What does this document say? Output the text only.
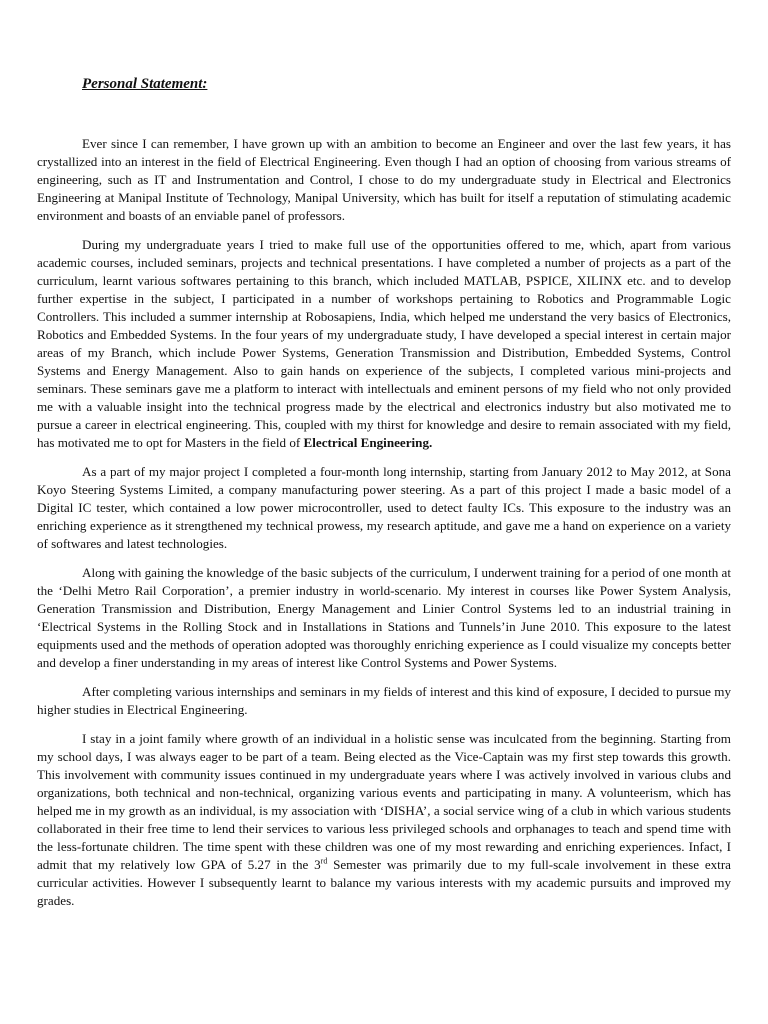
Personal Statement:

Ever since I can remember, I have grown up with an ambition to become an Engineer and over the last few years, it has crystallized into an interest in the field of Electrical Engineering. Even though I had an option of choosing from various streams of engineering, such as IT and Instrumentation and Control, I chose to do my undergraduate study in Electrical and Electronics Engineering at Manipal Institute of Technology, Manipal University, which has built for itself a reputation of stimulating academic environment and boasts of an enviable panel of professors.

During my undergraduate years I tried to make full use of the opportunities offered to me, which, apart from various academic courses, included seminars, projects and technical presentations. I have completed a number of projects as a part of the curriculum, learnt various softwares pertaining to this branch, which included MATLAB, PSPICE, XILINX etc. and to develop further expertise in the subject, I participated in a number of workshops pertaining to Robotics and Programmable Logic Controllers. This included a summer internship at Robosapiens, India, which helped me understand the very basics of Electronics, Robotics and Embedded Systems. In the four years of my undergraduate study, I have developed a special interest in certain major areas of my Branch, which include Power Systems, Generation Transmission and Distribution, Embedded Systems, Control Systems and Energy Management. Also to gain hands on experience of the subjects, I completed various mini-projects and seminars. These seminars gave me a platform to interact with intellectuals and eminent persons of my field who not only provided me with a valuable insight into the technical progress made by the electrical and electronics industry but also motivated me to pursue a career in electrical engineering. This, coupled with my thirst for knowledge and desire to remain associated with my field, has motivated me to opt for Masters in the field of Electrical Engineering.

As a part of my major project I completed a four-month long internship, starting from January 2012 to May 2012, at Sona Koyo Steering Systems Limited, a company manufacturing power steering. As a part of this project I made a basic model of a Digital IC tester, which contained a low power microcontroller, used to detect faulty ICs. This exposure to the industry was an enriching experience as it strengthened my technical prowess, my research aptitude, and gave me a hand on experience on a variety of softwares and latest technologies.

Along with gaining the knowledge of the basic subjects of the curriculum, I underwent training for a period of one month at the ‘Delhi Metro Rail Corporation’, a premier industry in world-scenario. My interest in courses like Power System Analysis, Generation Transmission and Distribution, Energy Management and Linier Control Systems led to an industrial training in ‘Electrical Systems in the Rolling Stock and in Installations in Stations and Tunnels’in June 2010. This exposure to the latest equipments used and the methods of operation adopted was thoroughly enriching experience as I could visualize my concepts better and develop a finer understanding in my areas of interest like Control Systems and Power Systems.

After completing various internships and seminars in my fields of interest and this kind of exposure, I decided to pursue my higher studies in Electrical Engineering.

I stay in a joint family where growth of an individual in a holistic sense was inculcated from the beginning. Starting from my school days, I was always eager to be part of a team. Being elected as the Vice-Captain was my first step towards this growth. This involvement with community issues continued in my undergraduate years where I was actively involved in various clubs and organizations, both technical and non-technical, organizing various events and participating in many. A volunteerism, which has helped me in my growth as an individual, is my association with ‘DISHA’, a social service wing of a club in which various students collaborated in their free time to lend their services to various less privileged schools and orphanages to teach and spend time with the less-fortunate children. The time spent with these children was one of my most rewarding and enriching experiences. Infact, I admit that my relatively low GPA of 5.27 in the 3rd Semester was primarily due to my full-scale involvement in these extra curricular activities. However I subsequently learnt to balance my various interests with my academic pursuits and improved my grades.
